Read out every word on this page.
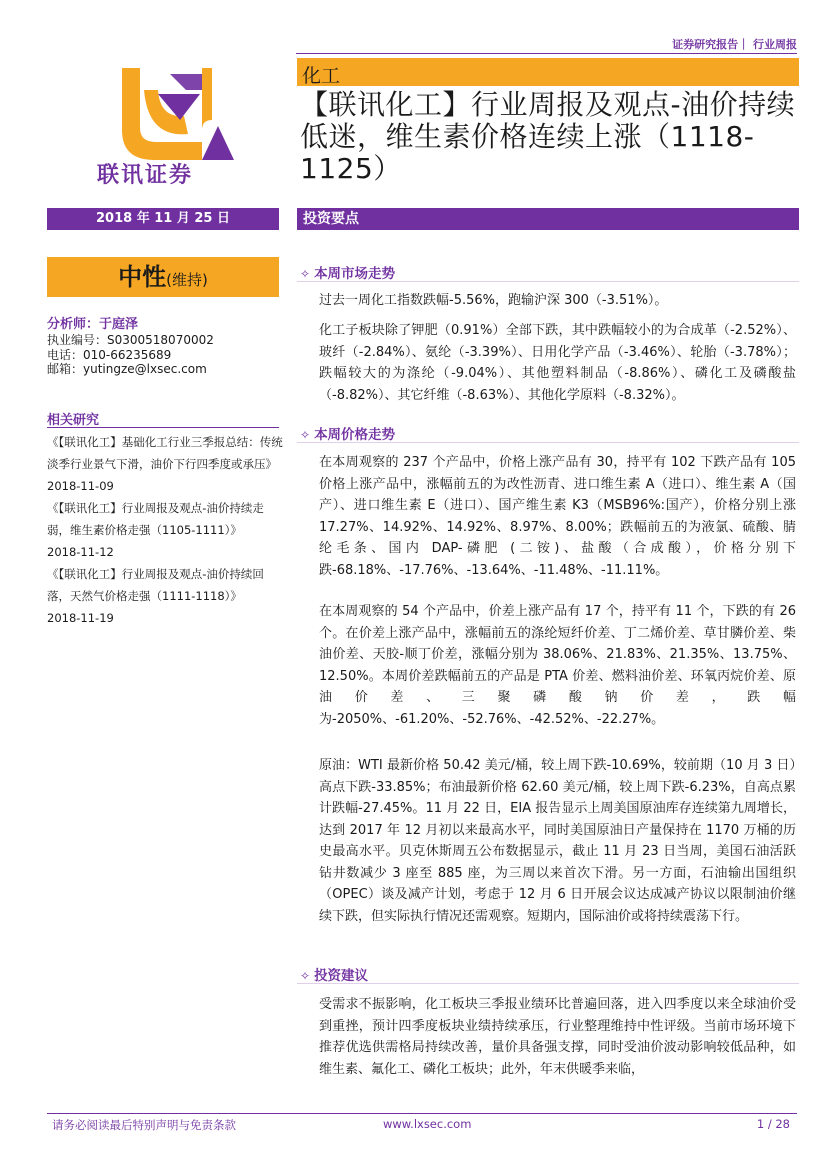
证券研究报告｜ 行业周报
联讯证券
化工
【联讯化工】行业周报及观点-油价持续低迷，维生素价格连续上涨（1118-1125）
2018 年 11 月 25 日
中性(维持)
分析师：于庭泽
执业编号：S0300518070002
电话：010-66235689
邮箱：yutingze@lxsec.com
相关研究
《【联讯化工】基础化工行业三季报总结：传统淡季行业景气下滑，油价下行四季度或承压》2018-11-09
《【联讯化工】行业周报及观点-油价持续走弱，维生素价格走强（1105-1111）》
2018-11-12
《【联讯化工】行业周报及观点-油价持续回落，天然气价格走强（1111-1118）》
2018-11-19
投资要点
✧ 本周市场走势
过去一周化工指数跌幅-5.56%，跑输沪深 300（-3.51%）。
化工子板块除了钾肥（0.91%）全部下跌，其中跌幅较小的为合成革（-2.52%）、玻纤（-2.84%）、氨纶（-3.39%）、日用化学产品（-3.46%）、轮胎（-3.78%）；跌幅较大的为涤纶（-9.04%）、其他塑料制品（-8.86%）、磷化工及磷酸盐（-8.82%）、其它纤维（-8.63%）、其他化学原料（-8.32%）。
✧ 本周价格走势
在本周观察的 237 个产品中，价格上涨产品有 30，持平有 102 下跌产品有 105 价格上涨产品中，涨幅前五的为改性沥青、进口维生素 A（进口）、维生素 A（国产）、进口维生素 E（进口）、国产维生素 K3（MSB96%:国产），价格分别上涨 17.27%、14.92%、14.92%、8.97%、8.00%；跌幅前五的为液氯、硫酸、腈纶毛条、国内 DAP-磷肥 (二铵)、盐酸（合成酸），价格分别下跌-68.18%、-17.76%、-13.64%、-11.48%、-11.11%。
在本周观察的 54 个产品中，价差上涨产品有 17 个，持平有 11 个，下跌的有 26 个。在价差上涨产品中，涨幅前五的涤纶短纤价差、丁二烯价差、草甘膦价差、柴油价差、天胶-顺丁价差，涨幅分别为 38.06%、21.83%、21.35%、13.75%、12.50%。本周价差跌幅前五的产品是 PTA 价差、燃料油价差、环氧丙烷价差、原油价差、三聚磷酸钠价差，跌幅为-2050%、-61.20%、-52.76%、-42.52%、-22.27%。
原油：WTI 最新价格 50.42 美元/桶，较上周下跌-10.69%，较前期（10 月 3 日）高点下跌-33.85%；布油最新价格 62.60 美元/桶，较上周下跌-6.23%，自高点累计跌幅-27.45%。11 月 22 日，EIA 报告显示上周美国原油库存连续第九周增长，达到 2017 年 12 月初以来最高水平，同时美国原油日产量保持在 1170 万桶的历史最高水平。贝克休斯周五公布数据显示，截止 11 月 23 日当周，美国石油活跃钻井数减少 3 座至 885 座，为三周以来首次下滑。另一方面，石油输出国组织（OPEC）谈及减产计划，考虑于 12 月 6 日开展会议达成减产协议以限制油价继续下跌，但实际执行情况还需观察。短期内，国际油价或将持续震荡下行。
✧ 投资建议
受需求不振影响，化工板块三季报业绩环比普遍回落，进入四季度以来全球油价受到重挫，预计四季度板块业绩持续承压，行业整理维持中性评级。当前市场环境下推荐优选供需格局持续改善，量价具备强支撑，同时受油价波动影响较低品种，如维生素、氟化工、磷化工板块；此外，年末供暖季来临，
请务必阅读最后特别声明与免责条款	www.lxsec.com	1 / 28
